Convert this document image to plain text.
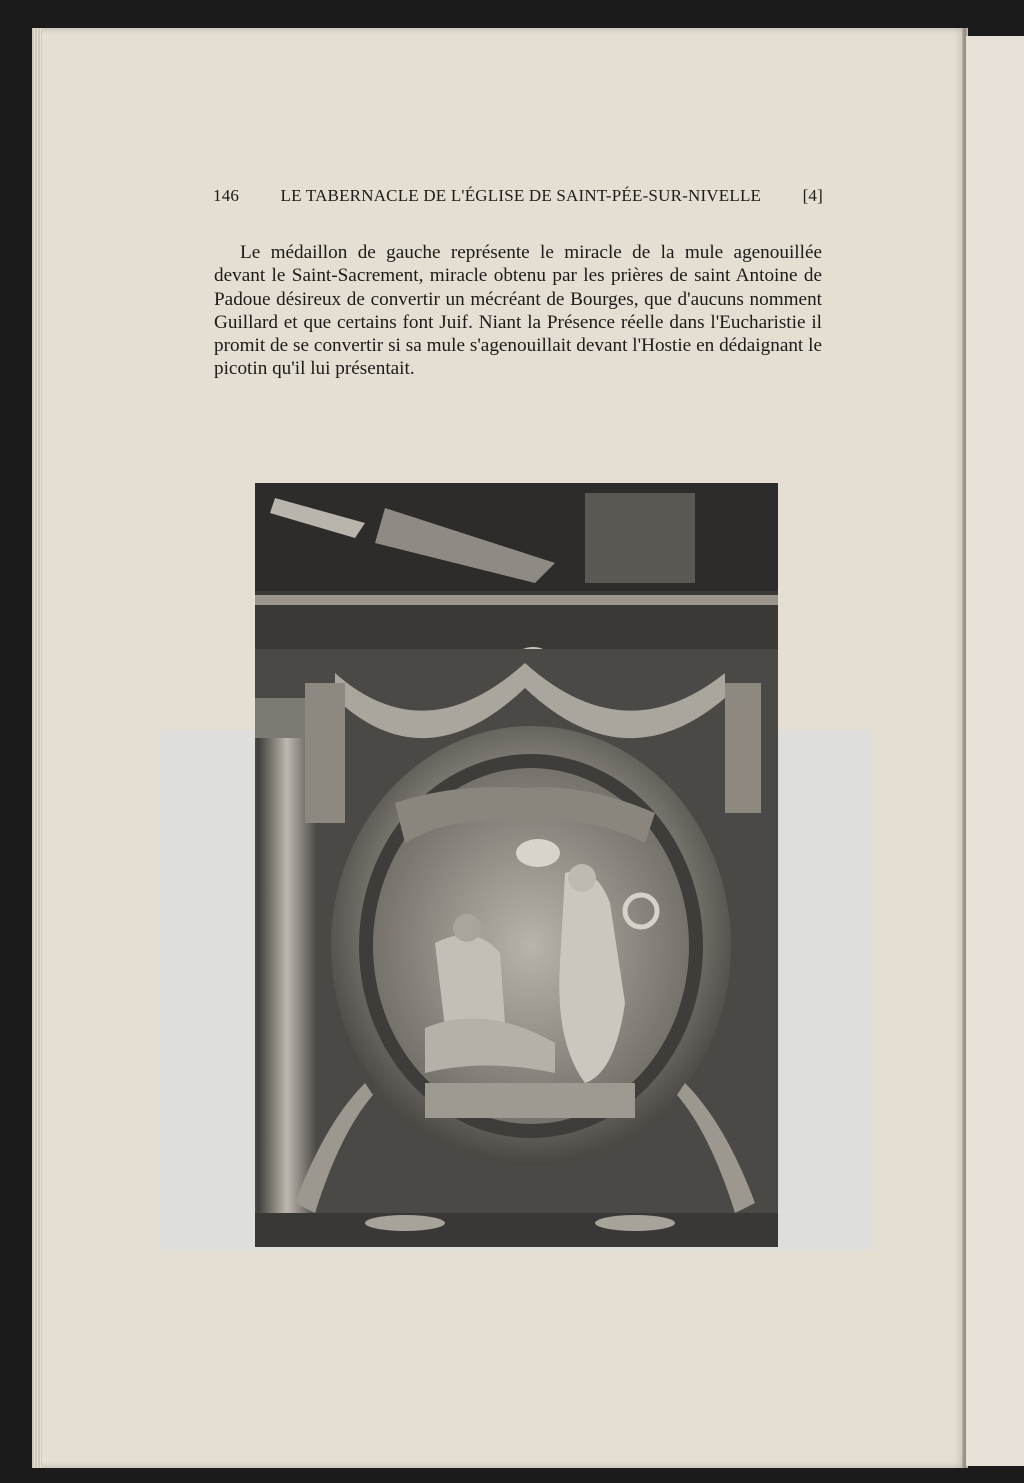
146 LE TABERNACLE DE L'ÉGLISE DE SAINT-PÉE-SUR-NIVELLE [4]

Le médaillon de gauche représente le miracle de la mule agenouillée devant le Saint-Sacrement, miracle obtenu par les prières de saint Antoine de Padoue désireux de convertir un mécréant de Bourges, que d'aucuns nomment Guillard et que certains font Juif. Niant la Présence réelle dans l'Eucharistie il promit de se convertir si sa mule s'agenouillait devant l'Hostie en dédaignant le picotin qu'il lui présentait.
